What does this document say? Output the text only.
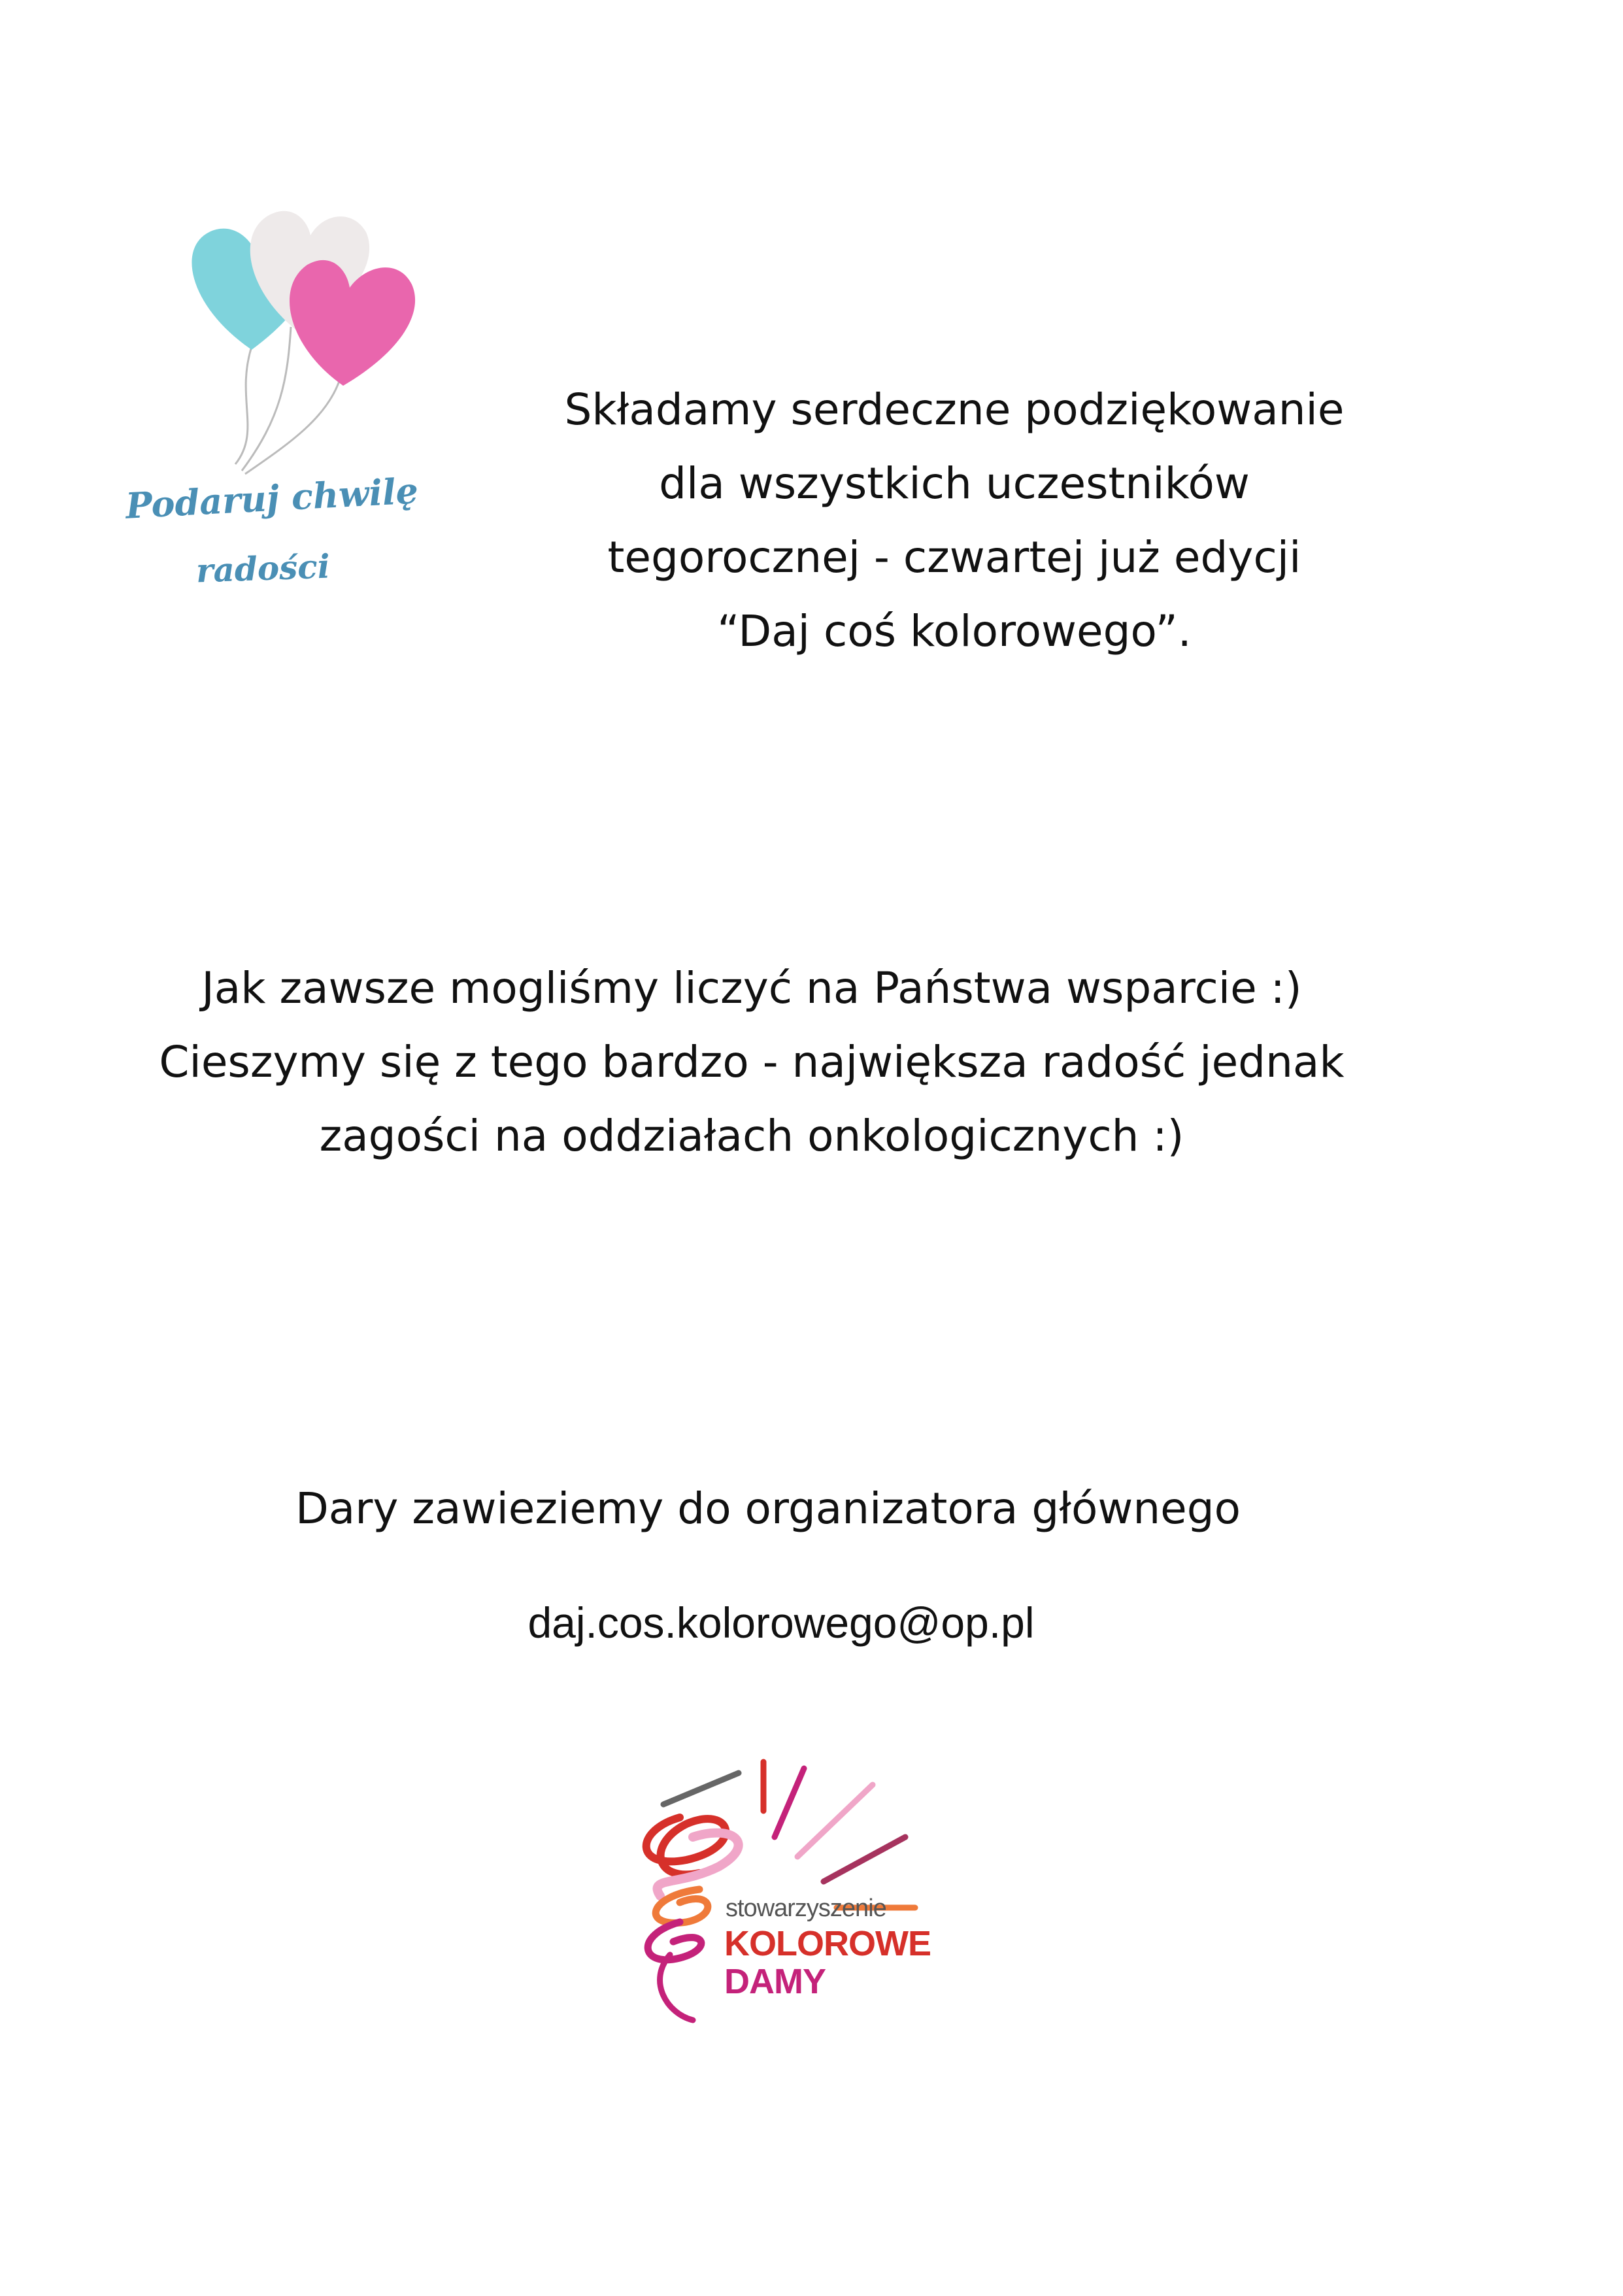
Podaruj chwilę
radości

Składamy serdeczne podziękowanie

dla wszystkich uczestników

tegorocznej - czwartej już edycji

“Daj coś kolorowego”.

Jak zawsze mogliśmy liczyć na Państwa wsparcie :)

Cieszymy się z tego bardzo - największa radość jednak

zagości na oddziałach onkologicznych :)

Dary zawieziemy do organizatora głównego

daj.cos.kolorowego@op.pl
stowarzyszenie
KOLOROWE
DAMY
